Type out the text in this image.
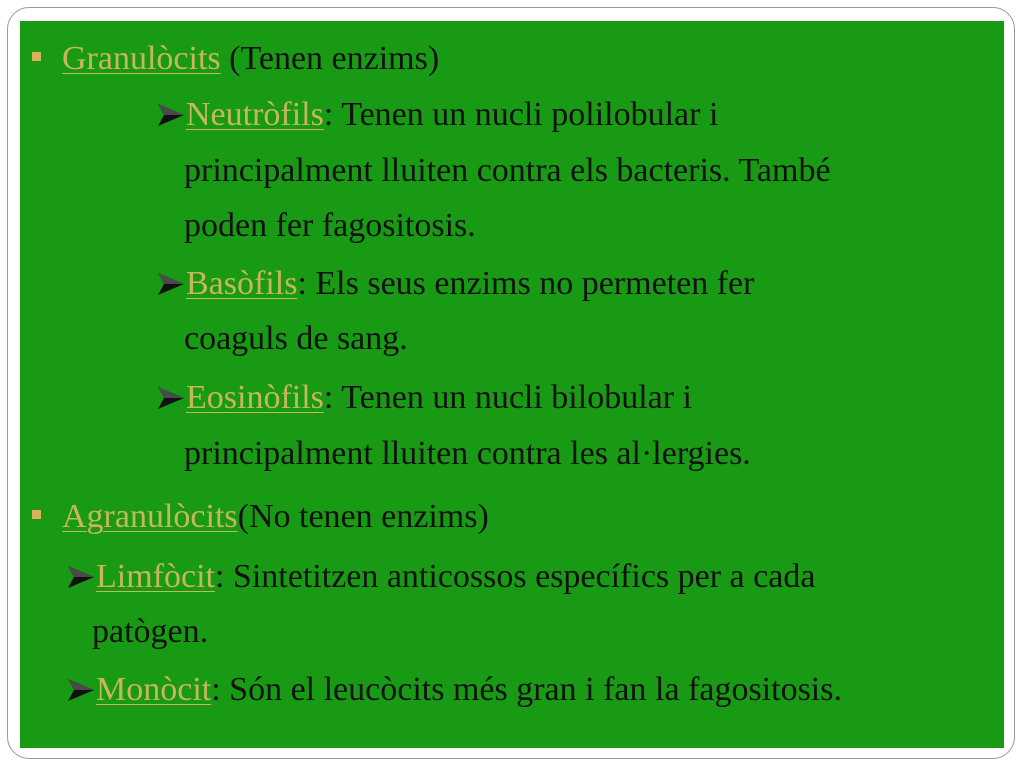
Granulòcits (Tenen enzims)
Neutròfils: Tenen un nucli polilobular i
principalment lluiten contra els bacteris. També
poden fer fagositosis.
Basòfils: Els seus enzims no permeten fer
coaguls de sang.
Eosinòfils: Tenen un nucli bilobular i
principalment lluiten contra les al·lergies.
Agranulòcits(No tenen enzims)
Limfòcit: Sintetitzen anticossos específics per a cada
patògen.
Monòcit: Són el leucòcits més gran i fan la fagositosis.
